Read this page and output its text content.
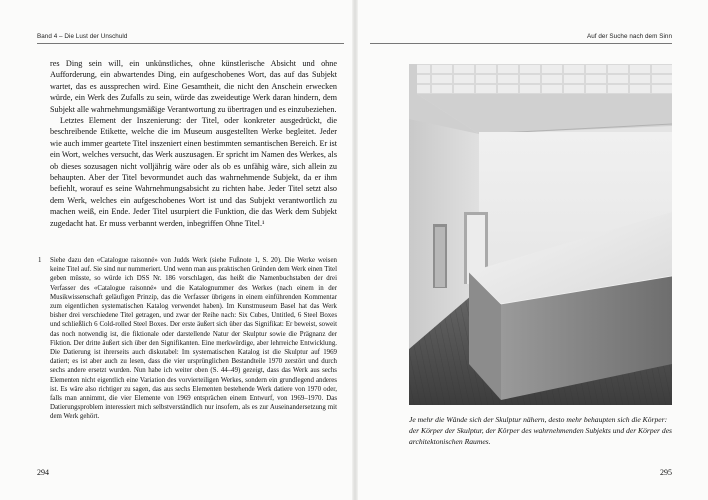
Band 4 – Die Lust der Unschuld	Auf der Suche nach dem Sinn

res Ding sein will, ein unkünstliches, ohne künstlerische Absicht und ohne Aufforderung, ein abwartendes Ding, ein aufgeschobenes Wort, das auf das Subjekt wartet, das es aussprechen wird. Eine Gesamtheit, die nicht den Anschein erwecken würde, ein Werk des Zufalls zu sein, würde das zweideutige Werk daran hindern, dem Subjekt alle wahrnehmungsmäßige Verantwortung zu übertragen und es einzubeziehen.

Letztes Element der Inszenierung: der Titel, oder konkreter ausgedrückt, die beschreibende Etikette, welche die im Museum ausgestellten Werke begleitet. Jeder wie auch immer geartete Titel inszeniert einen bestimmten semantischen Bereich. Er ist ein Wort, welches versucht, das Werk auszusagen. Er spricht im Namen des Werkes, als ob dieses sozusagen nicht volljährig wäre oder als ob es unfähig wäre, sich allein zu behaupten. Aber der Titel bevormundet auch das wahrnehmende Subjekt, da er ihm befiehlt, worauf es seine Wahrnehmungsabsicht zu richten habe. Jeder Titel setzt also dem Werk, welches ein aufgeschobenes Wort ist und das Subjekt verantwortlich zu machen weiß, ein Ende. Jeder Titel usurpiert die Funktion, die das Werk dem Subjekt zugedacht hat. Er muss verbannt werden, inbegriffen Ohne Titel.¹

1 Siehe dazu den «Catalogue raisonné» von Judds Werk (siehe Fußnote 1, S. 20). Die Werke weisen keine Titel auf. Sie sind nur nummeriert. Und wenn man aus praktischen Gründen dem Werk einen Titel geben müsste, so würde ich DSS Nr. 186 vorschlagen, das heißt die Namenbuchstaben der drei Verfasser des «Catalogue raisonné» und die Katalognummer des Werkes (nach einem in der Musikwissenschaft geläufigen Prinzip, das die Verfasser übrigens in einem einführenden Kommentar zum eigentlichen systematischen Katalog verwendet haben). Im Kunstmuseum Basel hat das Werk bisher drei verschiedene Titel getragen, und zwar der Reihe nach: Six Cubes, Untitled, 6 Steel Boxes und schließlich 6 Cold-rolled Steel Boxes. Der erste äußert sich über das Signifikat: Er beweist, soweit das noch notwendig ist, die fiktionale oder darstellende Natur der Skulptur sowie die Prägnanz der Fiktion. Der dritte äußert sich über den Signifikanten. Eine merkwürdige, aber lehrreiche Entwicklung. Die Datierung ist ihrerseits auch diskutabel: Im systematischen Katalog ist die Skulptur auf 1969 datiert; es ist aber auch zu lesen, dass die vier ursprünglichen Bestandteile 1970 zerstört und durch sechs andere ersetzt wurden. Nun habe ich weiter oben (S. 44–49) gezeigt, dass das Werk aus sechs Elementen nicht eigentlich eine Variation des vorvierteiligen Werkes, sondern ein grundlegend anderes ist. Es wäre also richtiger zu sagen, das aus sechs Elementen bestehende Werk datiere von 1970 oder, falls man annimmt, die vier Elemente von 1969 entsprächen einem Entwurf, von 1969–1970. Das Datierungsproblem interessiert mich selbstverständlich nur insofern, als es zur Auseinandersetzung mit dem Werk gehört.
294	295
Je mehr die Wände sich der Skulptur nähern, desto mehr behaupten sich die Körper: der Körper der Skulptur, der Körper des wahrnehmenden Subjekts und der Körper des architektonischen Raumes.
